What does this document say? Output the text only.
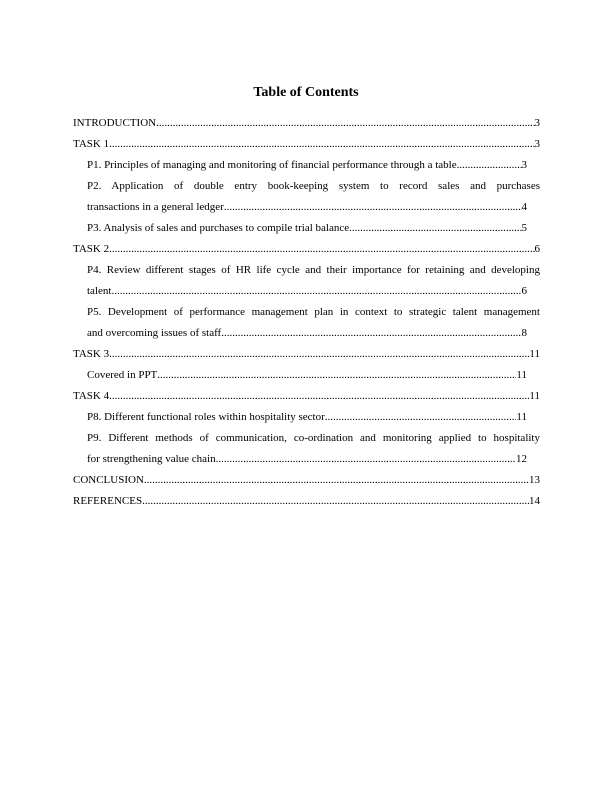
Table of Contents
INTRODUCTION .....	3
TASK 1 .....	3
P1. Principles of managing and monitoring of financial performance through a table .....	3
P2. Application of double entry book-keeping system to record sales and purchases
transactions in a general ledger .....	4
P3. Analysis of sales and purchases to compile trial balance .....	5
TASK 2 .....	6
P4. Review different stages of HR life cycle and their importance for retaining and developing
talent .....	6
P5. Development of performance management plan in context to strategic talent management
and overcoming issues of staff .....	8
TASK 3 .....	11
Covered in PPT .....	11
TASK 4 .....	11
P8. Different functional roles within hospitality sector .....	11
P9. Different methods of communication, co-ordination and monitoring applied to hospitality
for strengthening value chain .....	12
CONCLUSION .....	13
REFERENCES .....	14
